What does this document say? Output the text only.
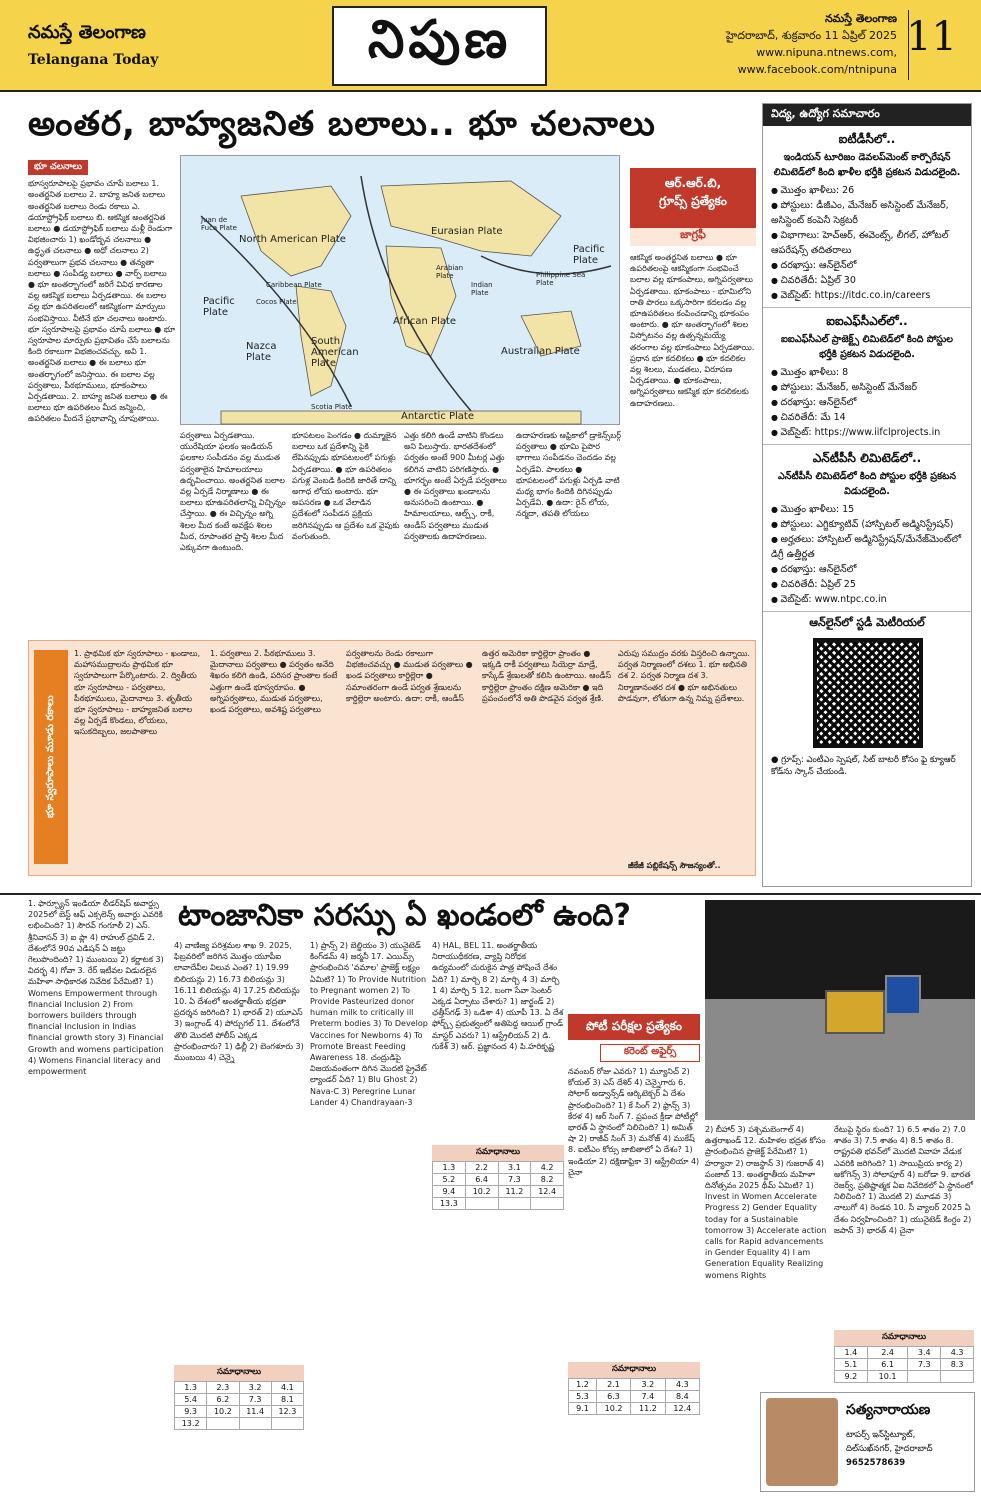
నమస్తే తెలంగాణ
Telangana Today	నిపుణ	నమస్తే తెలంగాణ
హైదరాబాద్, శుక్రవారం 11 ఏప్రిల్ 2025
www.nipuna.ntnews.com,
www.facebook.com/ntnipuna
11
అంతర, బాహ్యజనిత బలాలు.. భూ చలనాలు
భూ చలనాలు
భూస్వరూపాలపై ప్రభావం చూపే బలాలు 1. అంతర్జనిత బలాలు 2. బాహ్య జనిత బలాలు అంతర్జనిత బలాలు రెండు రకాలు ఎ. డయాస్ట్రోఫిక్ బలాలు బి. ఆకస్మిక అంతర్జనిత బలాలు ● డయాస్ట్రోఫిక్ బలాలు మళ్లీ రెండుగా విభజించారు 1) ఖండోద్భవ చలనాలు ● ఉద్ధృత చలనాలు ● అధో చలనాలు 2) పర్వతాలుగా ప్రభవ చలనాలు ● తన్యతా బలాలు ● సంపీడ్య బలాలు ● వార్ప్ బలాలు ● భూ అంతర్భాగంలో జరిగే వివిధ కారణాల వల్ల ఆకస్మిక బలాలు ఏర్పడతాయి. ఈ బలాల వల్ల భూ ఉపరితలంలో ఆకస్మికంగా మార్పులు సంభవిస్తాయి. వీటినే భూ చలనాలు అంటారు. భూ స్వరూపాలపై ప్రభావం చూపే బలాలు ● భూ స్వరూపాల మార్పుకు ప్రభావితం చేసే బలాలను కింది రకాలుగా విభజించవచ్చు. అవి 1. అంతర్జనిత బలాలు ● ఈ బలాలు భూ అంతర్భాగంలో జనిస్తాయి. ఈ బలాల వల్ల పర్వతాలు, పీఠభూములు, భూకంపాలు ఏర్పడతాయి. 2. బాహ్య జనిత బలాలు ● ఈ బలాలు భూ ఉపరితలం మీద జన్మించి, ఉపరితలం మీదనే ప్రభావాన్ని చూపుతాయి.
North American Plate
Eurasian Plate
Juan de Fuca Plate
Caribbean Plate
Cocos Plate
Pacific Plate
Nazca Plate
South American Plate
African Plate
Arabian Plate
Indian Plate
Philippine Sea Plate
Pacific Plate
Australian Plate
Scotia Plate
Antarctic Plate
ఆర్.ఆర్.బి,
గ్రూప్స్ ప్రత్యేకం
జాగ్రఫీ
పర్వతాలు ఏర్పడతాయి. యురేషియా ఫలకం ఇండియన్ ఫలకాల సంపీడనం వల్ల ముడుత పర్వతాలైన హిమాలయాలు ఉద్భవించాయి. అంతర్జనిత బలాల వల్ల ఏర్పడే నిర్మాణాలు ● ఈ బలాలు భూఉపరితలాన్ని విచ్ఛిన్నం చేస్తాయి. ● ఈ విచ్ఛిన్నం అగ్ని శిలల మీద కంటే అవక్షేప శిలల మీద, రూపాంతర ప్రాప్తి శిలల మీద ఎక్కువగా ఉంటుంది.
భూపటలం పెంగడం ● దుమ్మాజైన బలాలు ఒక ప్రదేశాన్ని పైకి లేపినప్పుడు భూపటలంలో పగుళ్లు ఏర్పడతాయి. ● భూ ఉపరితలం పగుళ్ల వెంబడి కిందికి జారితే దాన్ని అగాధ లోయ అంటారు. భూ అపసరణ ● ఒక వేలాడిన ప్రదేశంలో సంపీడన ప్రక్రియ జరిగినప్పుడు ఆ ప్రదేశం ఒక వైపుకు వంగుతుంది.
ఎత్తు కలిగి ఉండే వాటిని కొండలు అని పిలుస్తారు. భారతదేశంలో పర్వతం అంటే 900 మీటర్ల ఎత్తు కలిగిన వాటిని పరిగణిస్తారు. ● భూగర్భం అంటే ఏర్పడే పర్వతాలు ● ఈ పర్వతాలు ఖండాలను అనుసరించి ఉంటాయి. ● హిమాలయాలు, ఆల్ప్స్, రాకీ, ఆండీస్ పర్వతాలు ముడుత పర్వతాలకు ఉదాహరణలు.
ఉదాహరణకు ఆఫ్రికాలో డ్రాకెన్స్‌బర్గ్ పర్వతాలు ● భూమి పైపొర భాగాలు సంపీడనం చెందడం వల్ల ఏర్పడేవి. పాలకలు ● భూపటలంలో పగుళ్లు ఏర్పడి వాటి మధ్య భాగం కిందికి దిగినప్పుడు ఏర్పడేవి. ● ఉదా: రైన్ లోయ, నర్మదా, తపతి లోయలు
ఆకస్మిక అంతర్జనిత బలాలు ● భూ ఉపరితలంపై ఆకస్మికంగా సంభవించే బలాల వల్ల భూకంపాలు, అగ్నిపర్వతాలు ఏర్పడతాయి. భూకంపాలు - భూమిలోని రాతి పొరలు ఒక్కసారిగా కదలడం వల్ల భూఉపరితలం కంపించడాన్ని భూకంపం అంటారు. ● భూ అంతర్భాగంలో శిలల విస్ఫోటనం వల్ల ఉత్పన్నమయ్యే తరంగాల వల్ల భూకంపాలు ఏర్పడతాయి. ప్రధాన భూ కదలికలు ● భూ కదలికల వల్ల శిలలు, ముడతలు, విరూపణ ఏర్పడతాయి. ● భూకంపాలు, అగ్నిపర్వతాలు ఆకస్మిక భూ కదలికలకు ఉదాహరణలు.
భూ స్వరూపాలు మూడు రకాలు
1. ప్రాథమిక భూ స్వరూపాలు - ఖండాలు, మహాసముద్రాలను ప్రాథమిక భూ స్వరూపాలుగా పేర్కొంటారు. 2. ద్వితీయ భూ స్వరూపాలు - పర్వతాలు, పీఠభూములు, మైదానాలు 3. తృతీయ భూ స్వరూపాలు - బాహ్యజనిత బలాల వల్ల ఏర్పడే కొండలు, లోయలు, ఇసుకదిబ్బలు, జలపాతాలు
1. పర్వతాలు 2. పీఠభూములు 3. మైదానాలు పర్వతాలు ● పర్వతం అనేది శిఖరం కలిగి ఉండి, పరిసర ప్రాంతాల కంటే ఎత్తుగా ఉండే భూస్వరూపం. ● అగ్నిపర్వతాలు, ముడుత పర్వతాలు, ఖండ పర్వతాలు, అవశిష్ట పర్వతాలు
పర్వతాలను రెండు రకాలుగా విభజించవచ్చు ● ముడుత పర్వతాలు ● ఖండ పర్వతాలు కార్డిల్లెరా ● సమాంతరంగా ఉండే పర్వత శ్రేణులను కార్డిల్లెరా అంటారు. ఉదా: రాకీ, ఆండీస్
ఉత్తర అమెరికా కార్డిల్లెరా ప్రాంతం ● ఇక్కడి రాకీ పర్వతాలు సియెర్రా మాడ్రే, కాస్కేడ్ శ్రేణులతో కలిసి ఉంటాయి. ఆండీస్ కార్డిల్లెరా ప్రాంతం దక్షిణ అమెరికా ● ఇది ప్రపంచంలోనే అతి పొడవైన పర్వత శ్రేణి.
ఎరుపు సముద్రం వరకు విస్తరించి ఉన్నాయి. పర్వత నిర్మాణంలో దశలు 1. భూ అభినతి దశ 2. పర్వత నిర్మాణ దశ 3. నిర్మాణానంతర దశ ● భూ అభినతులు పొడవుగా, లోతుగా ఉన్న నిమ్న ప్రదేశాలు.
జీకేజీ పబ్లికేషన్స్ సౌజన్యంతో..
విద్య, ఉద్యోగ సమాచారం
ఐటీడీసీలో..
ఇండియన్ టూరిజం డెవలప్‌మెంట్ కార్పొరేషన్ లిమిటెడ్‌లో కింది ఖాళీల భర్తీకి ప్రకటన విడుదలైంది.
● మొత్తం ఖాళీలు: 26
● పోస్టులు: డీజీఎం, మేనేజర్ అసిస్టెంట్ మేనేజర్, అసిస్టెంట్ కంపెనీ సెక్రటరీ
● విభాగాలు: హెచ్‌ఆర్, ఈవెంట్స్, లీగల్, హోటల్ ఆపరేషన్స్ తదితరాలు
● దరఖాస్తు: ఆన్‌లైన్‌లో
● చివరితేదీ: ఏప్రిల్ 30
● వెబ్‌సైట్: https://itdc.co.in/careers
ఐఐఎఫ్‌సీఎల్‌లో..
ఐఐఎఫ్‌సీఎల్ ప్రాజెక్ట్స్ లిమిటెడ్‌లో కింది పోస్టుల భర్తీకి ప్రకటన విడుదలైంది.
● మొత్తం ఖాళీలు: 8
● పోస్టులు: మేనేజర్, అసిస్టెంట్ మేనేజర్
● దరఖాస్తు: ఆన్‌లైన్‌లో
● చివరితేదీ: మే 14
● వెబ్‌సైట్: https://www.iifclprojects.in
ఎన్‌టీపీసీ లిమిటెడ్‌లో..
ఎన్‌టీపీసీ లిమిటెడ్‌లో కింది పోస్టుల భర్తీకి ప్రకటన విడుదలైంది.
● మొత్తం ఖాళీలు: 15
● పోస్టులు: ఎగ్జిక్యూటివ్ (హాస్పిటల్ అడ్మినిస్ట్రేషన్)
● అర్హతలు: హాస్పిటల్ అడ్మినిస్ట్రేషన్/మేనేజ్‌మెంట్‌లో డిగ్రీ ఉత్తీర్ణత
● దరఖాస్తు: ఆన్‌లైన్‌లో
● చివరితేదీ: ఏప్రిల్ 25
● వెబ్‌సైట్: www.ntpc.co.in
ఆన్‌లైన్‌లో స్టడీ మెటీరియల్
● గ్రూప్స్: ఎంటీఎం స్పెషల్, సిట్ బాటరీ కోసం ఫై క్యూఆర్ కోడ్‌ను స్కాన్ చేయండి.
టాంజానికా సరస్సు ఏ ఖండంలో ఉంది?
పోటీ పరీక్షల ప్రత్యేకం
కరెంట్ అఫైర్స్
1. ఫార్చ్యూన్ ఇండియా లీడర్‌షిప్ అవార్డ్సు 2025లో బెస్ట్ ఆఫ్ ఎక్సలెన్స్ అవార్డు ఎవరికి లభించింది? 1) సౌరవ్ గంగూలీ 2) ఎస్. శ్రీనివాసన్ 3) ఐ ప్లా 4) రాహుల్ ద్రవిడ్ 2. దేశంలోనే 90వ ఎడిషన్ ఏ జట్టు గెలుపొందింది? 1) ముంబయి 2) కర్ణాటక 3) విదర్భ 4) గోవా 3. రేర్ ఇటీవల విడుదలైన మహిళా సాధికారత నివేదిక పేరేమిటి? 1) Womens Empowerment through financial Inclusion 2) From borrowers builders through financial Inclusion in Indias financial growth story 3) Financial Growth and womens participation 4) Womens Financial literacy and empowerment
4) వాణిజ్య పరిశ్రమల శాఖ 9. 2025, ఫిబ్రవరిలో జరిగిన మొత్తం యూపీఐ లావాదేవీల విలువ ఎంత? 1) 19.99 బిలియన్లు 2) 16.73 బిలియన్లు 3) 16.11 బిలియన్లు 4) 17.25 బిలియన్లు 10. ఏ దేశంలో అంతర్జాతీయ భద్రతా ప్రదర్శన జరిగింది? 1) భారత్ 2) యూఎస్ 3) ఇంగ్లాండ్ 4) పోర్చుగల్ 11. దేశంలోనే తొలి మొదటి పోలీస్ ఎక్కడ ప్రారంభించారు? 1) ఢిల్లీ 2) బెంగళూరు 3) ముంబయి 4) చెన్నై
1) ప్రాన్స్ 2) బెల్జియం 3) యునైటెడ్ కింగ్‌డమ్ 4) జర్మనీ 17. ఎయిమ్స్ ప్రారంభించిన 'వమాల' ప్రాజెక్ట్ లక్ష్యం ఏమిటి? 1) To Provide Nutrition to Pregnant women 2) To Provide Pasteurized donor human milk to critically ill Preterm bodies 3) To Develop Vaccines for Newborns 4) To Promote Breast Feeding Awareness 18. చంద్రుడిపై విజయవంతంగా దిగిన మొదటి ప్రైవేట్ ల్యాండర్ ఏది? 1) Blu Ghost 2) Nava-C 3) Peregrine Lunar Lander 4) Chandrayaan-3
4) HAL, BEL 11. అంతర్జాతీయ నిరాయుధీకరణ, వ్యాప్తి నిరోధక ఉద్యమంలో చురుకైన పాత్ర పోషించే దేశం ఏది? 1) మార్చి 8 2) మార్చి 4 3) మార్చి 1 4) మార్చి 5 12. బంగా సేవా సెంటర్ ఎక్కడ ఏర్పాటు చేశారు? 1) జార్ఖండ్ 2) ఛత్తీస్‌గఢ్ 3) ఒడిశా 4) యూపీ 13. ఏ దేశ ఫోర్బ్స్ ప్రభుత్వంలో అతిపెద్ద ఆయిల్ గ్రాండ్ మాస్టర్ ఎవరు? 1) ఆస్ట్రేలియన్ 2) డి. గుకేశ్ 3) ఆర్. ప్రజ్ఞానంద 4) పి.హరికృష్ణ
నవంబర్ రోజు ఎవరు? 1) మ్యూనిచ్ 2) కోయల్ 3) ఎస్ దేశిర్ 4) చెన్నైగారు 6. సోలార్ అడ్వాన్స్‌డ్ ఆర్కిటెక్చర్ ఏ దేశం ప్రారంభించింది? 1) కే సింగ్ 2) ఫ్రాన్స్ 3) కేరళ 4) ఆర్ సింగ్ 7. ప్రపంచ క్రీడా పోటీల్లో భారత్ ఏ స్థానంలో నిలిచింది? 1) అమిత్ షా 2) రాజీవ్ సింగ్ 3) మనోజ్ 4) ముకేష్ 8. ఐటీఎం కోర్సు జాబితాలో ఏ దేశం? 1) ఇండియా 2) దక్షిణాఫ్రికా 3) ఆస్ట్రేలియా 4) చైనా
2) బీహార్ 3) పశ్చిమబెంగాల్ 4) ఉత్తరాఖండ్ 12. మహిళల భద్రత కోసం ప్రారంభించిన ప్రాజెక్ట్ పేరేమిటి? 1) హర్యానా 2) రాజస్థాన్ 3) గుజరాత్ 4) పంజాబ్ 13. అంతర్జాతీయ మహిళా దినోత్సవం 2025 థీమ్ ఏమిటి? 1) Invest in Women Accelerate Progress 2) Gender Equality today for a Sustainable tomorrow 3) Accelerate action calls for Rapid advancements in Gender Equality 4) I am Generation Equality Realizing womens Rights
రేటుపై స్థిరం కుంది? 1) 6.5 శాతం 2) 7.0 శాతం 3) 7.5 శాతం 4) 8.5 శాతం 8. రాష్ట్రపతి భవన్‌లో మొదటి వివాహ వేడుక ఎవరికి జరిగింది? 1) సాయిప్రియ కార్య 2) అకోగెన్స్ 3) సోలాపూర్ 4) బరోడా 9. భారత రెజర్వ్, ప్రతిష్టాత్మక ఏఐ నివేదికలో ఏ స్థానంలో నిలిచింది? 1) మొదటి 2) మూడవ 3) నాలుగో 4) రెండవ 10. సీ వ్యాలర్ 2025 ఏ దేశం నిర్వహించింది? 1) యునైటెడ్ కింగ్డం 2) జపాన్ 3) భారత్ 4) చైనా
సమాధానాలు
1.3	2.3	3.2	4.1
5.4	6.2	7.3	8.1
9.3	10.2	11.4	12.3
13.2			
సమాధానాలు
1.3	2.2	3.1	4.2
5.2	6.4	7.3	8.2
9.4	10.2	11.2	12.4
13.3			
సమాధానాలు
1.2	2.1	3.2	4.3
5.3	6.3	7.4	8.4
9.1	10.2	11.2	12.4
సమాధానాలు
1.4	2.4	3.4	4.3
5.1	6.1	7.3	8.3
9.2	10.1		
సత్యనారాయణ
టాపర్స్ ఇన్‌స్టిట్యూట్,
దిల్‌సుఖ్‌నగర్, హైదరాబాద్
9652578639
